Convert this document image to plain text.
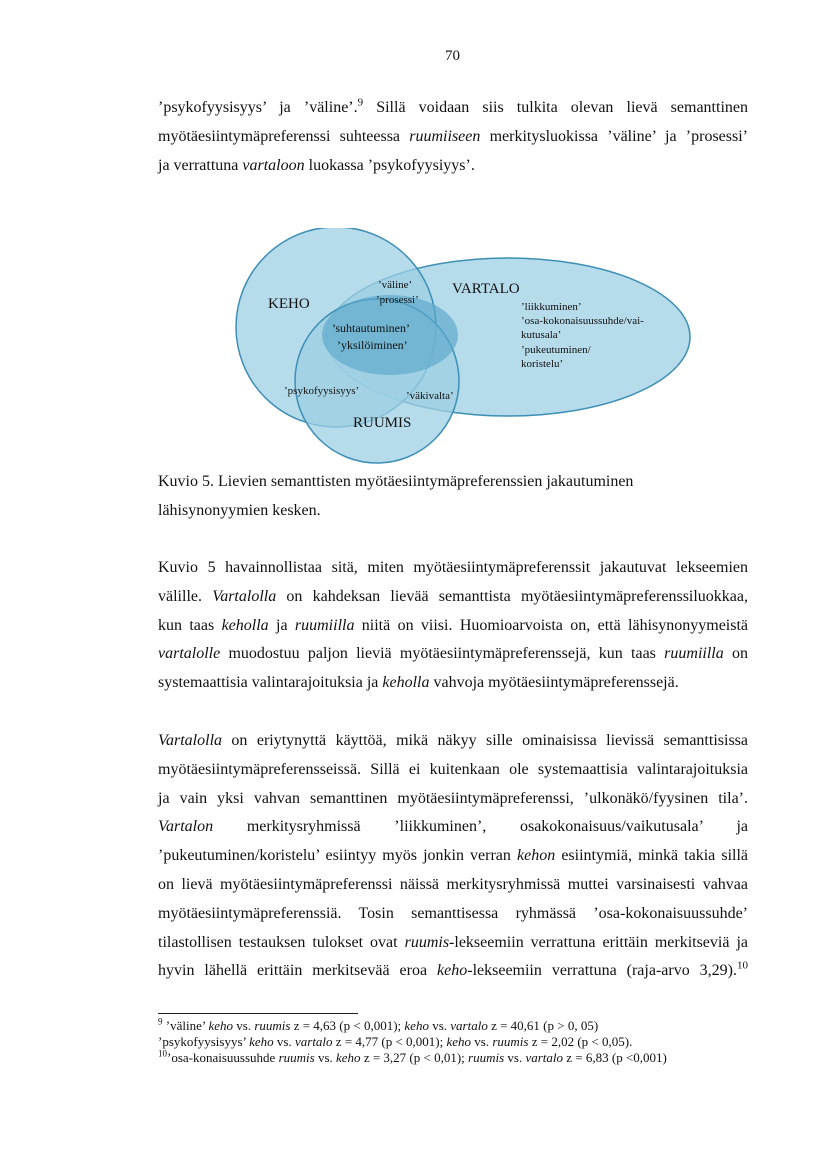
70
’psykofyysisyys’ ja ’väline’.$^9$ Sillä voidaan siis tulkita olevan lievä semanttinen
myötäesiintymäpreferenssi suhteessa ruumiiseen merkitysluokissa ’väline’ ja ’prosessi’
ja verrattuna vartaloon luokassa ’psykofyysiyys’.
KEHO
VARTALO
RUUMIS
’väline’
’prosessi’
’suhtautuminen’
’yksilöiminen’
’psykofyysisyys’	’väkivalta’
’liikkuminen’
’osa-kokonaisuussuhde/vai-
kutusala’
’pukeutuminen/
koristelu’
Kuvio 5. Lievien semanttisten myötäesiintymäpreferenssien jakautuminen
lähisynonyymien kesken.
Kuvio 5 havainnollistaa sitä, miten myötäesiintymäpreferenssit jakautuvat lekseemien
välille. Vartalolla on kahdeksan lievää semanttista myötäesiintymäpreferenssiluokkaa,
kun taas keholla ja ruumiilla niitä on viisi. Huomioarvoista on, että lähisynonyymeistä
vartalolle muodostuu paljon lieviä myötäesiintymäpreferenssejä, kun taas ruumiilla on
systemaattisia valintarajoituksia ja keholla vahvoja myötäesiintymäpreferenssejä.
Vartalolla on eriytynyttä käyttöä, mikä näkyy sille ominaisissa lievissä semanttisissa
myötäesiintymäpreferensseissä. Sillä ei kuitenkaan ole systemaattisia valintarajoituksia
ja vain yksi vahvan semanttinen myötäesiintymäpreferenssi, ’ulkonäkö/fyysinen tila’.
Vartalon merkitysryhmissä ’liikkuminen’, osakokonaisuus/vaikutusala’ ja
’pukeutuminen/koristelu’ esiintyy myös jonkin verran kehon esiintymiä, minkä takia sillä
on lievä myötäesiintymäpreferenssi näissä merkitysryhmissä muttei varsinaisesti vahvaa
myötäesiintymäpreferenssiä. Tosin semanttisessa ryhmässä ’osa-kokonaisuussuhde’
tilastollisen testauksen tulokset ovat ruumis-lekseemiin verrattuna erittäin merkitseviä ja
hyvin lähellä erittäin merkitsevää eroa keho-lekseemiin verrattuna (raja-arvo 3,29).$^{10}$
$^9$ ’väline’ keho vs. ruumis z = 4,63 (p < 0,001); keho vs. vartalo z = 40,61 (p > 0, 05)
’psykofyysisyys’ keho vs. vartalo z = 4,77 (p < 0,001); keho vs. ruumis z = 2,02 (p < 0,05).
$^{10}$’osa-konaisuussuhde ruumis vs. keho z = 3,27 (p < 0,01); ruumis vs. vartalo z = 6,83 (p <0,001)
